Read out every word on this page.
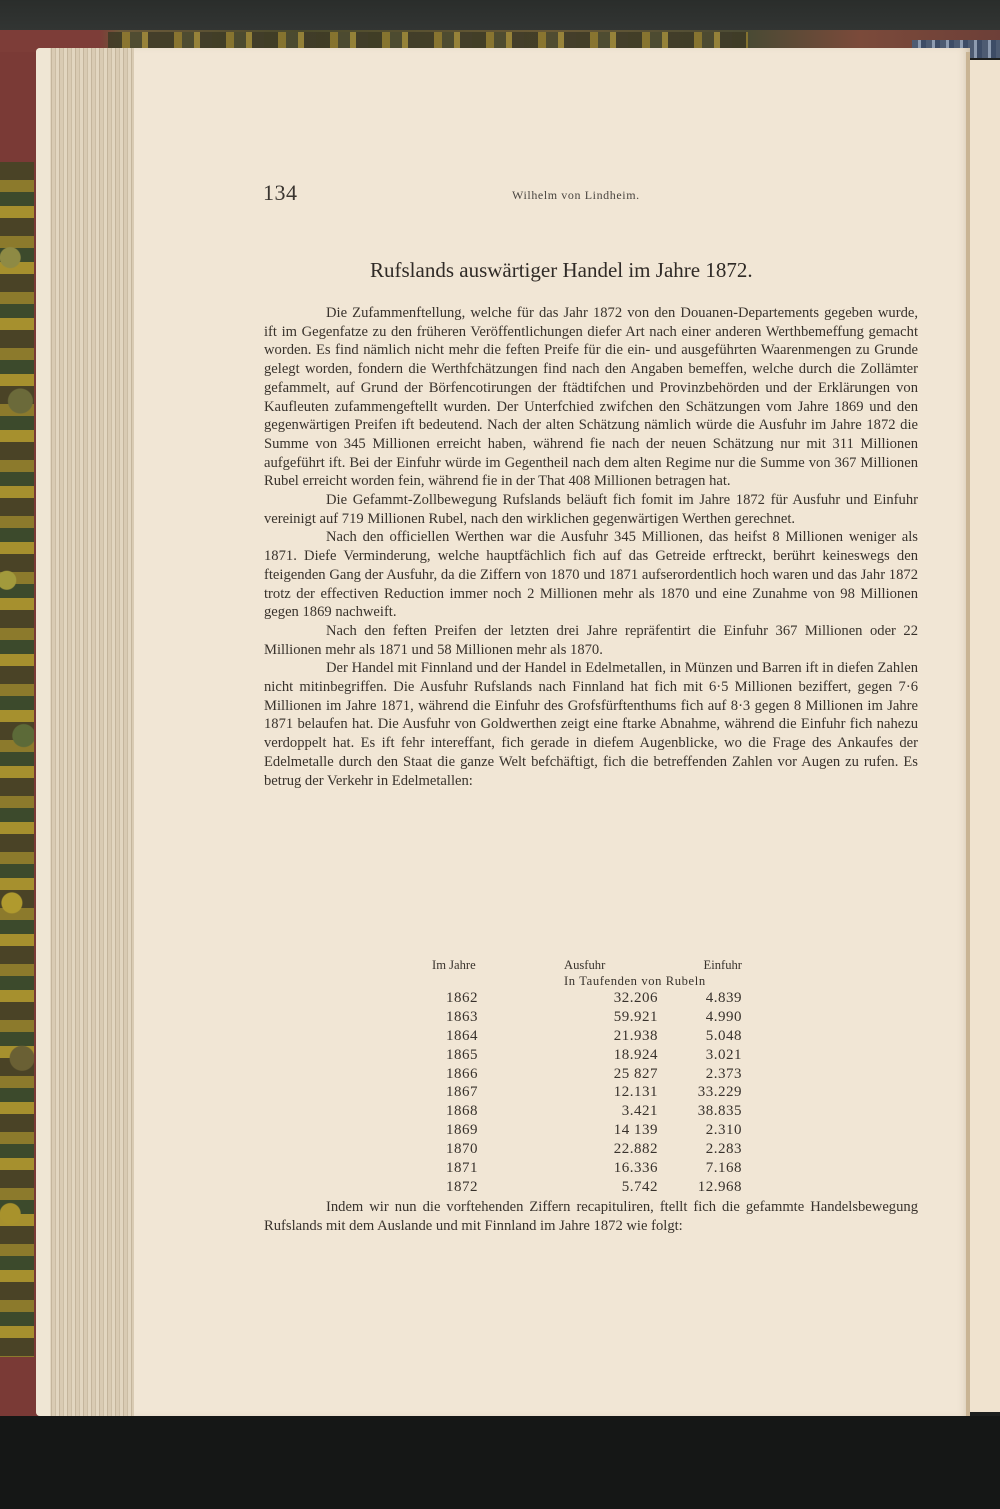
134	Wilhelm von Lindheim.
Rufslands auswärtiger Handel im Jahre 1872.

Die Zufammenftellung, welche für das Jahr 1872 von den Douanen-Departements gegeben wurde, ift im Gegenfatze zu den früheren Veröffentlichungen diefer Art nach einer anderen Werthbemeffung gemacht worden. Es find nämlich nicht mehr die feften Preife für die ein- und ausgeführten Waarenmengen zu Grunde gelegt worden, fondern die Werthfchätzungen find nach den Angaben bemeffen, welche durch die Zollämter gefammelt, auf Grund der Börfencotirungen der ftädtifchen und Provinzbehörden und der Erklärungen von Kaufleuten zufammengeftellt wurden. Der Unterfchied zwifchen den Schätzungen vom Jahre 1869 und den gegenwärtigen Preifen ift bedeutend. Nach der alten Schätzung nämlich würde die Ausfuhr im Jahre 1872 die Summe von 345 Millionen erreicht haben, während fie nach der neuen Schätzung nur mit 311 Millionen aufgeführt ift. Bei der Einfuhr würde im Gegentheil nach dem alten Regime nur die Summe von 367 Millionen Rubel erreicht worden fein, während fie in der That 408 Millionen betragen hat.

Die Gefammt-Zollbewegung Rufslands beläuft fich fomit im Jahre 1872 für Ausfuhr und Einfuhr vereinigt auf 719 Millionen Rubel, nach den wirklichen gegenwärtigen Werthen gerechnet.

Nach den officiellen Werthen war die Ausfuhr 345 Millionen, das heifst 8 Millionen weniger als 1871. Diefe Verminderung, welche hauptfächlich fich auf das Getreide erftreckt, berührt keineswegs den fteigenden Gang der Ausfuhr, da die Ziffern von 1870 und 1871 aufserordentlich hoch waren und das Jahr 1872 trotz der effectiven Reduction immer noch 2 Millionen mehr als 1870 und eine Zunahme von 98 Millionen gegen 1869 nachweift.

Nach den feften Preifen der letzten drei Jahre repräfentirt die Einfuhr 367 Millionen oder 22 Millionen mehr als 1871 und 58 Millionen mehr als 1870.

Der Handel mit Finnland und der Handel in Edelmetallen, in Münzen und Barren ift in diefen Zahlen nicht mitinbegriffen. Die Ausfuhr Rufslands nach Finnland hat fich mit 6·5 Millionen beziffert, gegen 7·6 Millionen im Jahre 1871, während die Einfuhr des Grofsfürftenthums fich auf 8·3 gegen 8 Millionen im Jahre 1871 belaufen hat. Die Ausfuhr von Goldwerthen zeigt eine ftarke Abnahme, während die Einfuhr fich nahezu verdoppelt hat. Es ift fehr intereffant, fich gerade in diefem Augenblicke, wo die Frage des Ankaufes der Edelmetalle durch den Staat die ganze Welt befchäftigt, fich die betreffenden Zahlen vor Augen zu rufen. Es betrug der Verkehr in Edelmetallen:

Im Jahre	Ausfuhr	Einfuhr
In Taufenden von Rubeln
1862	32.206	4.839
1863	59.921	4.990
1864	21.938	5.048
1865	18.924	3.021
1866	25 827	2.373
1867	12.131	33.229
1868	3.421	38.835
1869	14 139	2.310
1870	22.882	2.283
1871	16.336	7.168
1872	5.742	12.968

Indem wir nun die vorftehenden Ziffern recapituliren, ftellt fich die gefammte Handelsbewegung Rufslands mit dem Auslande und mit Finnland im Jahre 1872 wie folgt:
